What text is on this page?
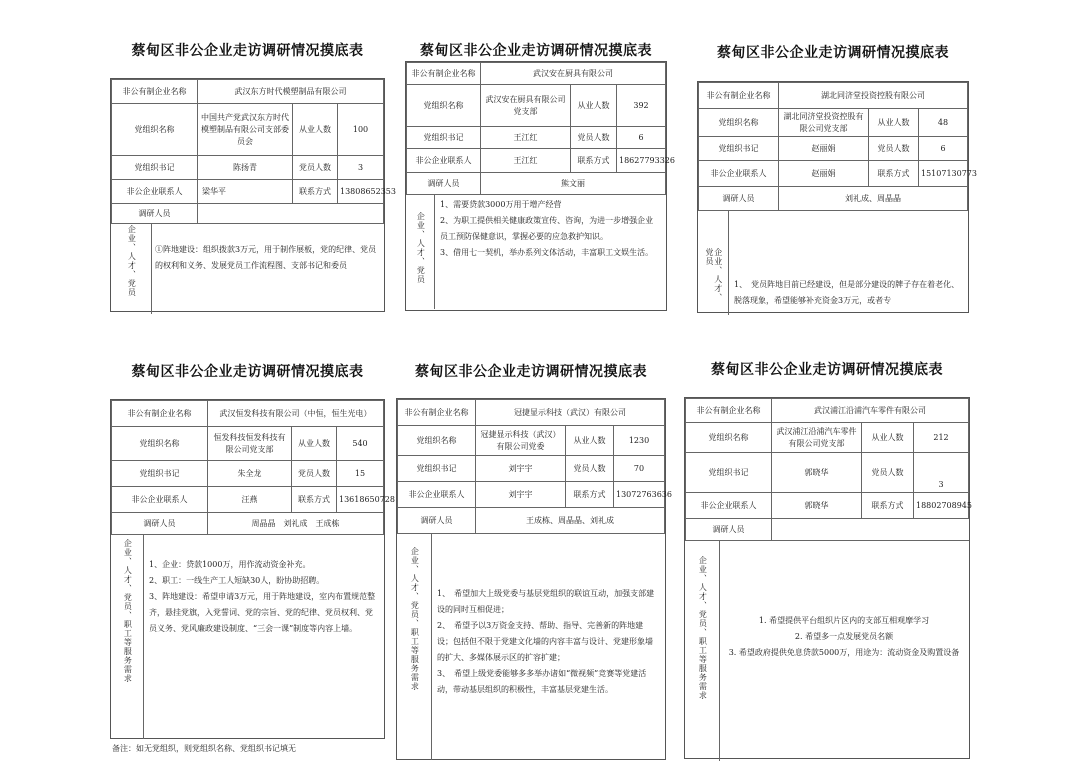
蔡甸区非公企业走访调研情况摸底表
非公有制企业名称	武汉东方时代模塑制品有限公司		
党组织名称	中国共产党武汉东方时代模塑制品有限公司支部委员会	从业人数	100
党组织书记	陈扬青	党员人数	3
非公企业联系人	梁华平	联系方式	13808652353
调研人员			
企业、人才、党员 ①阵地建设：组织拨款3万元，用于制作展板，党的纪律、党员的权利和义务、发展党员工作流程图、支部书记和委员

蔡甸区非公企业走访调研情况摸底表
非公有制企业名称	武汉安在厨具有限公司		
党组织名称	武汉安在厨具有限公司党支部	从业人数	392
党组织书记	王江红	党员人数	6
非公企业联系人	王江红	联系方式	18627793326
调研人员	熊文丽		
企业、人才、党员

1、需要贷款3000万用于增产经营

2、为职工提供相关健康政策宣传、咨询，为进一步增强企业员工预防保健意识，掌握必要的应急救护知识。

3、借用七一契机，举办系列文体活动，丰富职工文娱生活。

蔡甸区非公企业走访调研情况摸底表
非公有制企业名称	湖北同济堂投资控股有限公司		
党组织名称	湖北同济堂投资控股有限公司党支部	从业人数	48
党组织书记	赵丽娟	党员人数	6
非公企业联系人	赵丽娟	联系方式	15107130773
调研人员	刘礼成、周晶晶		
企业、人才、党员

1、　党员阵地目前已经建设，但是部分建设的牌子存在着老化、脱落现象，希望能够补充资金3万元，或者专

蔡甸区非公企业走访调研情况摸底表
非公有制企业名称	武汉恒发科技有限公司（中恒，恒生光电）		
党组织名称	恒发科技恒发科技有限公司党支部	从业人数	540
党组织书记	朱全龙	党员人数	15
非公企业联系人	汪燕	联系方式	13618650728
调研人员	周晶晶　刘礼成　王成栋		
企业、人才、党员、职工等服务需求 1、企业：贷款1000万，用作流动资金补充。

2、职工：一线生产工人短缺30人，盼协助招聘。

3、阵地建设：希望申请3万元，用于阵地建设，室内布置规范整齐，悬挂党旗，入党誓词、党的宗旨、党的纪律、党员权利、党员义务、党风廉政建设制度、“三会一课”制度等内容上墙。

备注：如无党组织，则党组织名称、党组织书记填无
蔡甸区非公企业走访调研情况摸底表
非公有制企业名称	冠捷显示科技（武汉）有限公司		
党组织名称	冠捷显示科技（武汉）有限公司党委	从业人数	1230
党组织书记	刘宇宇	党员人数	70
非公企业联系人	刘宇宇	联系方式	13072763636
调研人员	王成栋、周晶晶、刘礼成		
企业、人才、党员、职工等服务需求 1、　希望加大上级党委与基层党组织的联谊互动，加强支部建设的同时互相促进；

2、　希望予以3万资金支持、帮助、指导、完善新的阵地建设；包括但不限于党建文化墙的内容丰富与设计、党建形象墙的扩大、多媒体展示区的扩容扩建；

3、　希望上级党委能够多多举办诸如“微视频”竞赛等党建活动，带动基层组织的积极性，丰富基层党建生活。

蔡甸区非公企业走访调研情况摸底表
非公有制企业名称	武汉浦江沿浦汽车零件有限公司		
党组织名称	武汉浦江沿浦汽车零件有限公司党支部	从业人数	212
党组织书记	郭晓华	党员人数	3
非公企业联系人	郭晓华	联系方式	18802708945
调研人员			
企业、人才、党员、职工等服务需求	1. 希望提供平台组织片区内的支部互相观摩学习

2. 希望多一点发展党员名额

3. 希望政府提供免息贷款5000万，用途为：流动资金及购置设备
